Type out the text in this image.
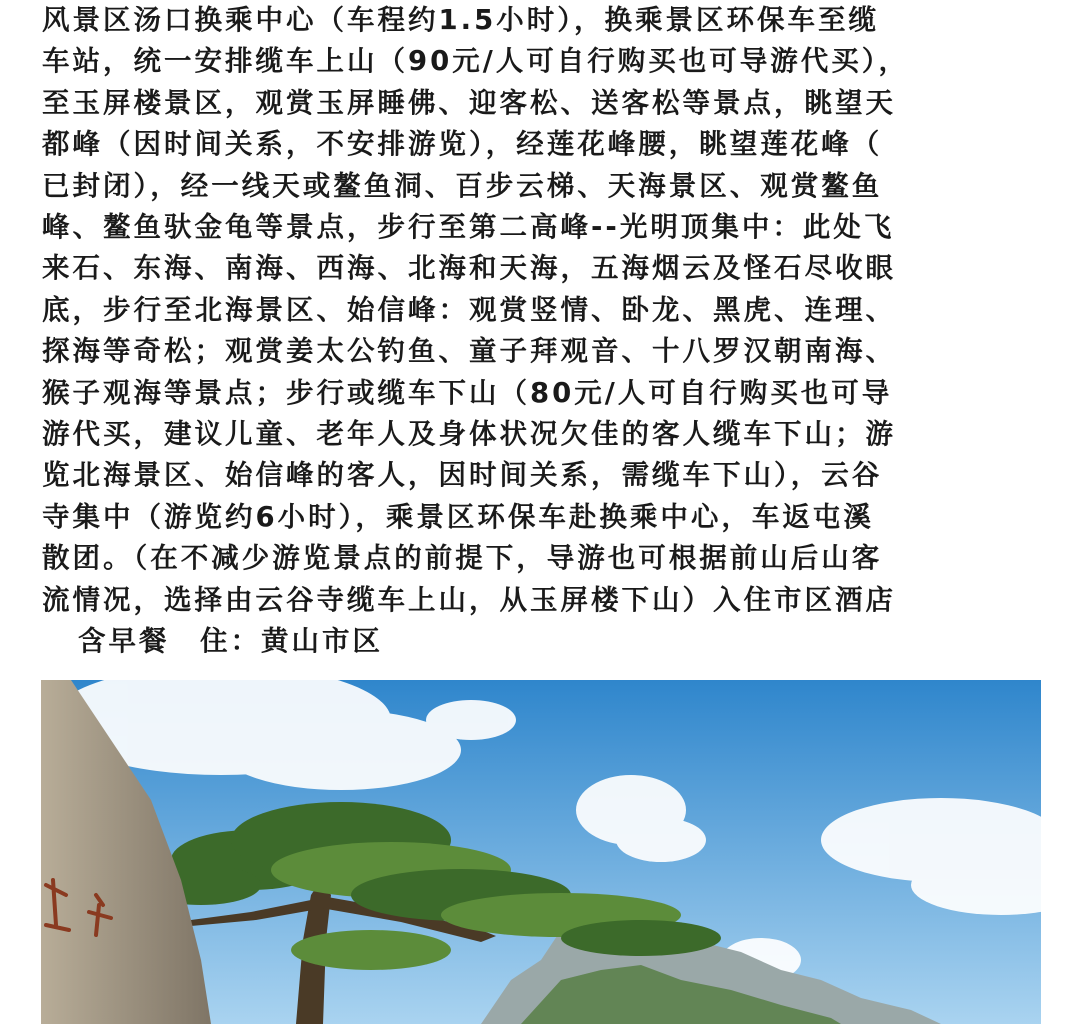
风景区汤口换乘中心（车程约1.5小时），换乘景区环保车至缆
车站，统一安排缆车上山（90元/人可自行购买也可导游代买），
至玉屏楼景区，观赏玉屏睡佛、迎客松、送客松等景点，眺望天
都峰（因时间关系，不安排游览），经莲花峰腰，眺望莲花峰（
已封闭），经一线天或鳌鱼洞、百步云梯、天海景区、观赏鳌鱼
峰、鳌鱼驮金龟等景点，步行至第二高峰--光明顶集中：此处飞
来石、东海、南海、西海、北海和天海，五海烟云及怪石尽收眼
底，步行至北海景区、始信峰：观赏竖情、卧龙、黑虎、连理、
探海等奇松；观赏姜太公钓鱼、童子拜观音、十八罗汉朝南海、
猴子观海等景点；步行或缆车下山（80元/人可自行购买也可导
游代买，建议儿童、老年人及身体状况欠佳的客人缆车下山；游
览北海景区、始信峰的客人，因时间关系，需缆车下山），云谷
寺集中（游览约6小时），乘景区环保车赴换乘中心，车返屯溪
散团。（在不减少游览景点的前提下，导游也可根据前山后山客
流情况，选择由云谷寺缆车上山，从玉屏楼下山）入住市区酒店
含早餐　住：黄山市区
